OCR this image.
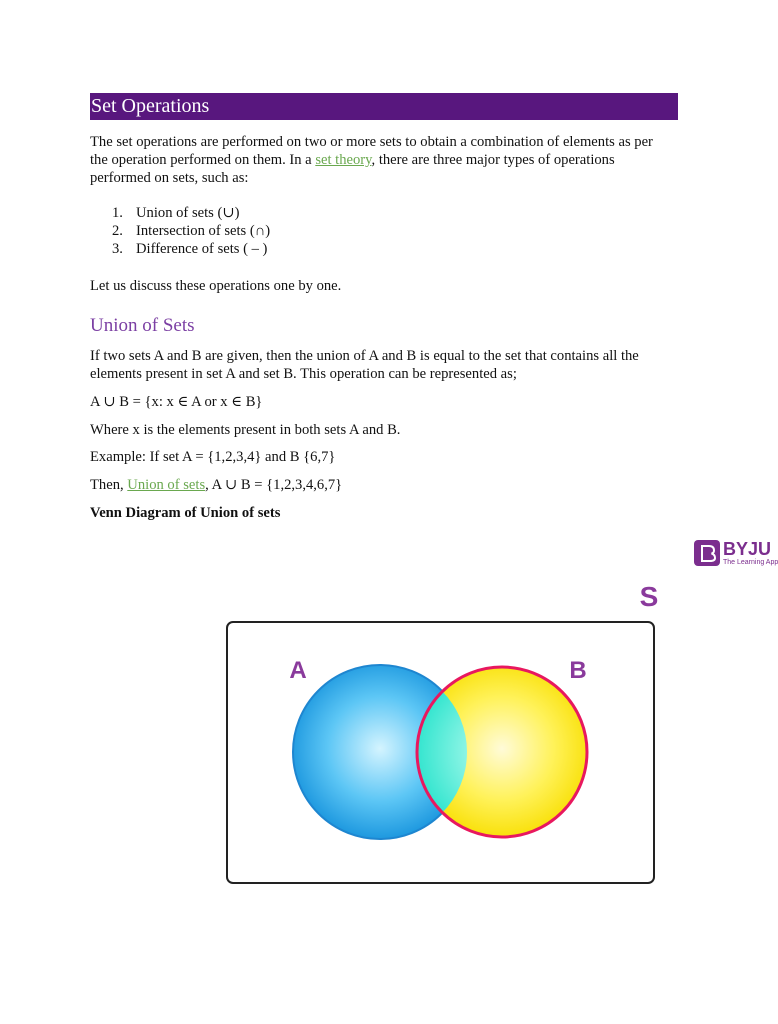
Set Operations

The set operations are performed on two or more sets to obtain a combination of elements as per
the operation performed on them. In a set theory, there are three major types of operations
performed on sets, such as:

1. Union of sets (∪)
2. Intersection of sets (∩)
3. Difference of sets ( – )

Let us discuss these operations one by one.

Union of Sets

If two sets A and B are given, then the union of A and B is equal to the set that contains all the
elements present in set A and set B. This operation can be represented as;

A ∪ B = {x: x ∈ A or x ∈ B}

Where x is the elements present in both sets A and B.

Example: If set A = {1,2,3,4} and B {6,7}

Then, Union of sets, A ∪ B = {1,2,3,4,6,7}

Venn Diagram of Union of sets

BYJU
The Learning App
S
A	B
